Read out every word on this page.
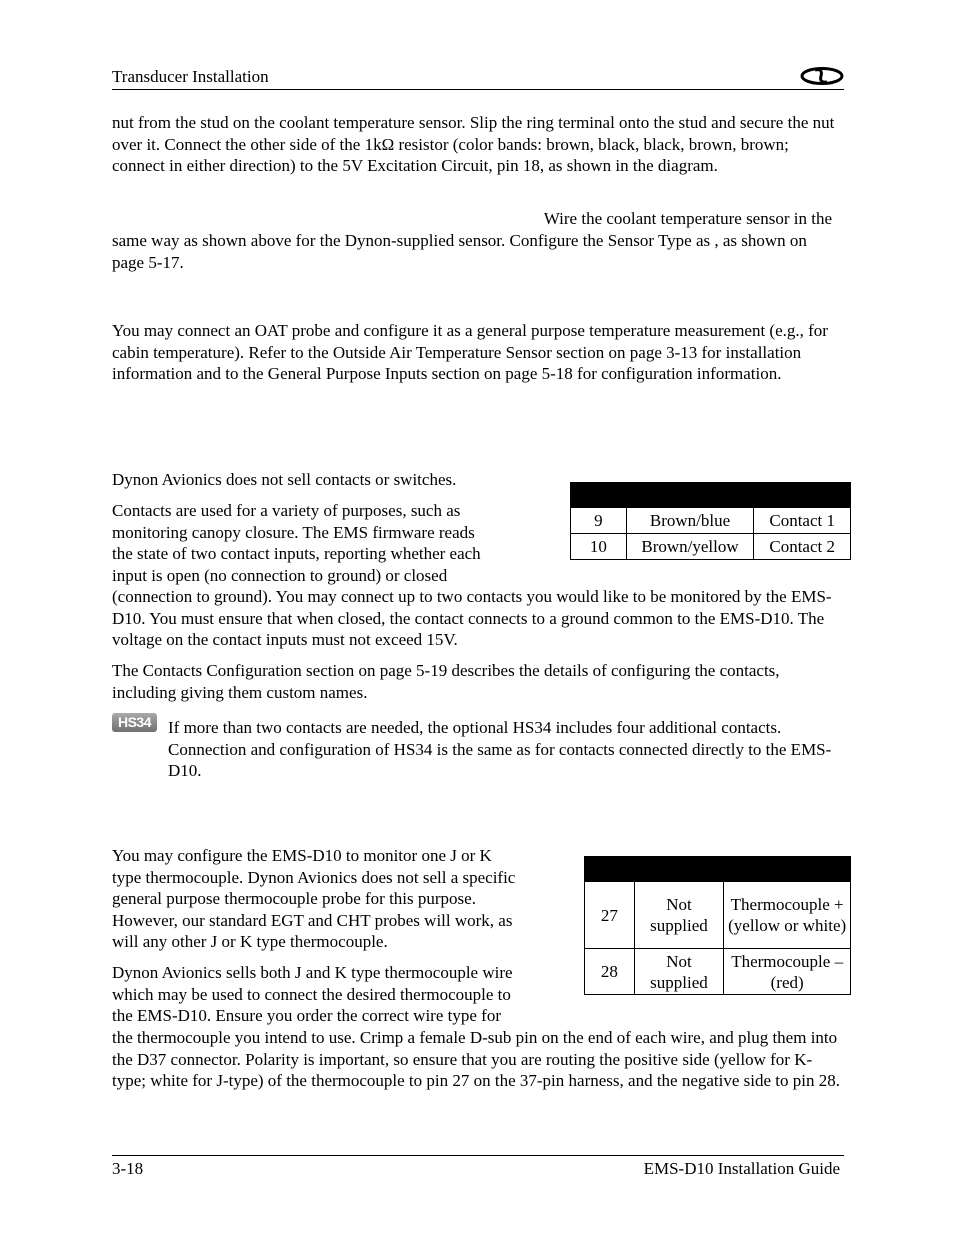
Transducer Installation

nut from the stud on the coolant temperature sensor. Slip the ring terminal onto the stud and secure the nut over it. Connect the other side of the 1kΩ resistor (color bands: brown, black, black, brown, brown; connect in either direction) to the 5V Excitation Circuit, pin 18, as shown in the diagram.

Wire the coolant temperature sensor in the

same way as shown above for the Dynon-supplied sensor. Configure the Sensor Type as , as shown on page 5-17.

You may connect an OAT probe and configure it as a general purpose temperature measurement (e.g., for cabin temperature). Refer to the Outside Air Temperature Sensor section on page 3-13 for installation information and to the General Purpose Inputs section on page 5-18 for configuration information.

Dynon Avionics does not sell contacts or switches.

Contacts are used for a variety of purposes, such as
monitoring canopy closure. The EMS firmware reads
the state of two contact inputs, reporting whether each
input is open (no connection to ground) or closed

(connection to ground). You may connect up to two contacts you would like to be monitored by the EMS-D10. You must ensure that when closed, the contact connects to a ground common to the EMS-D10. The voltage on the contact inputs must not exceed 15V.

The Contacts Configuration section on page 5-19 describes the details of configuring the contacts, including giving them custom names.

HS34 If more than two contacts are needed, the optional HS34 includes four additional contacts. Connection and configuration of HS34 is the same as for contacts connected directly to the EMS-D10.

You may configure the EMS-D10 to monitor one J or K
type thermocouple. Dynon Avionics does not sell a specific
general purpose thermocouple probe for this purpose.
However, our standard EGT and CHT probes will work, as
will any other J or K type thermocouple.
Dynon Avionics sells both J and K type thermocouple wire
which may be used to connect the desired thermocouple to
the EMS-D10. Ensure you order the correct wire type for

the thermocouple you intend to use. Crimp a female D-sub pin on the end of each wire, and plug them into the D37 connector. Polarity is important, so ensure that you are routing the positive side (yellow for K-type; white for J-type) of the thermocouple to pin 27 on the 37-pin harness, and the negative side to pin 28.

9	Brown/blue	Contact 1
10	Brown/yellow	Contact 2

27	Not supplied	Thermocouple + (yellow or white)
28	Not supplied	Thermocouple – (red)
3-18	EMS-D10 Installation Guide
